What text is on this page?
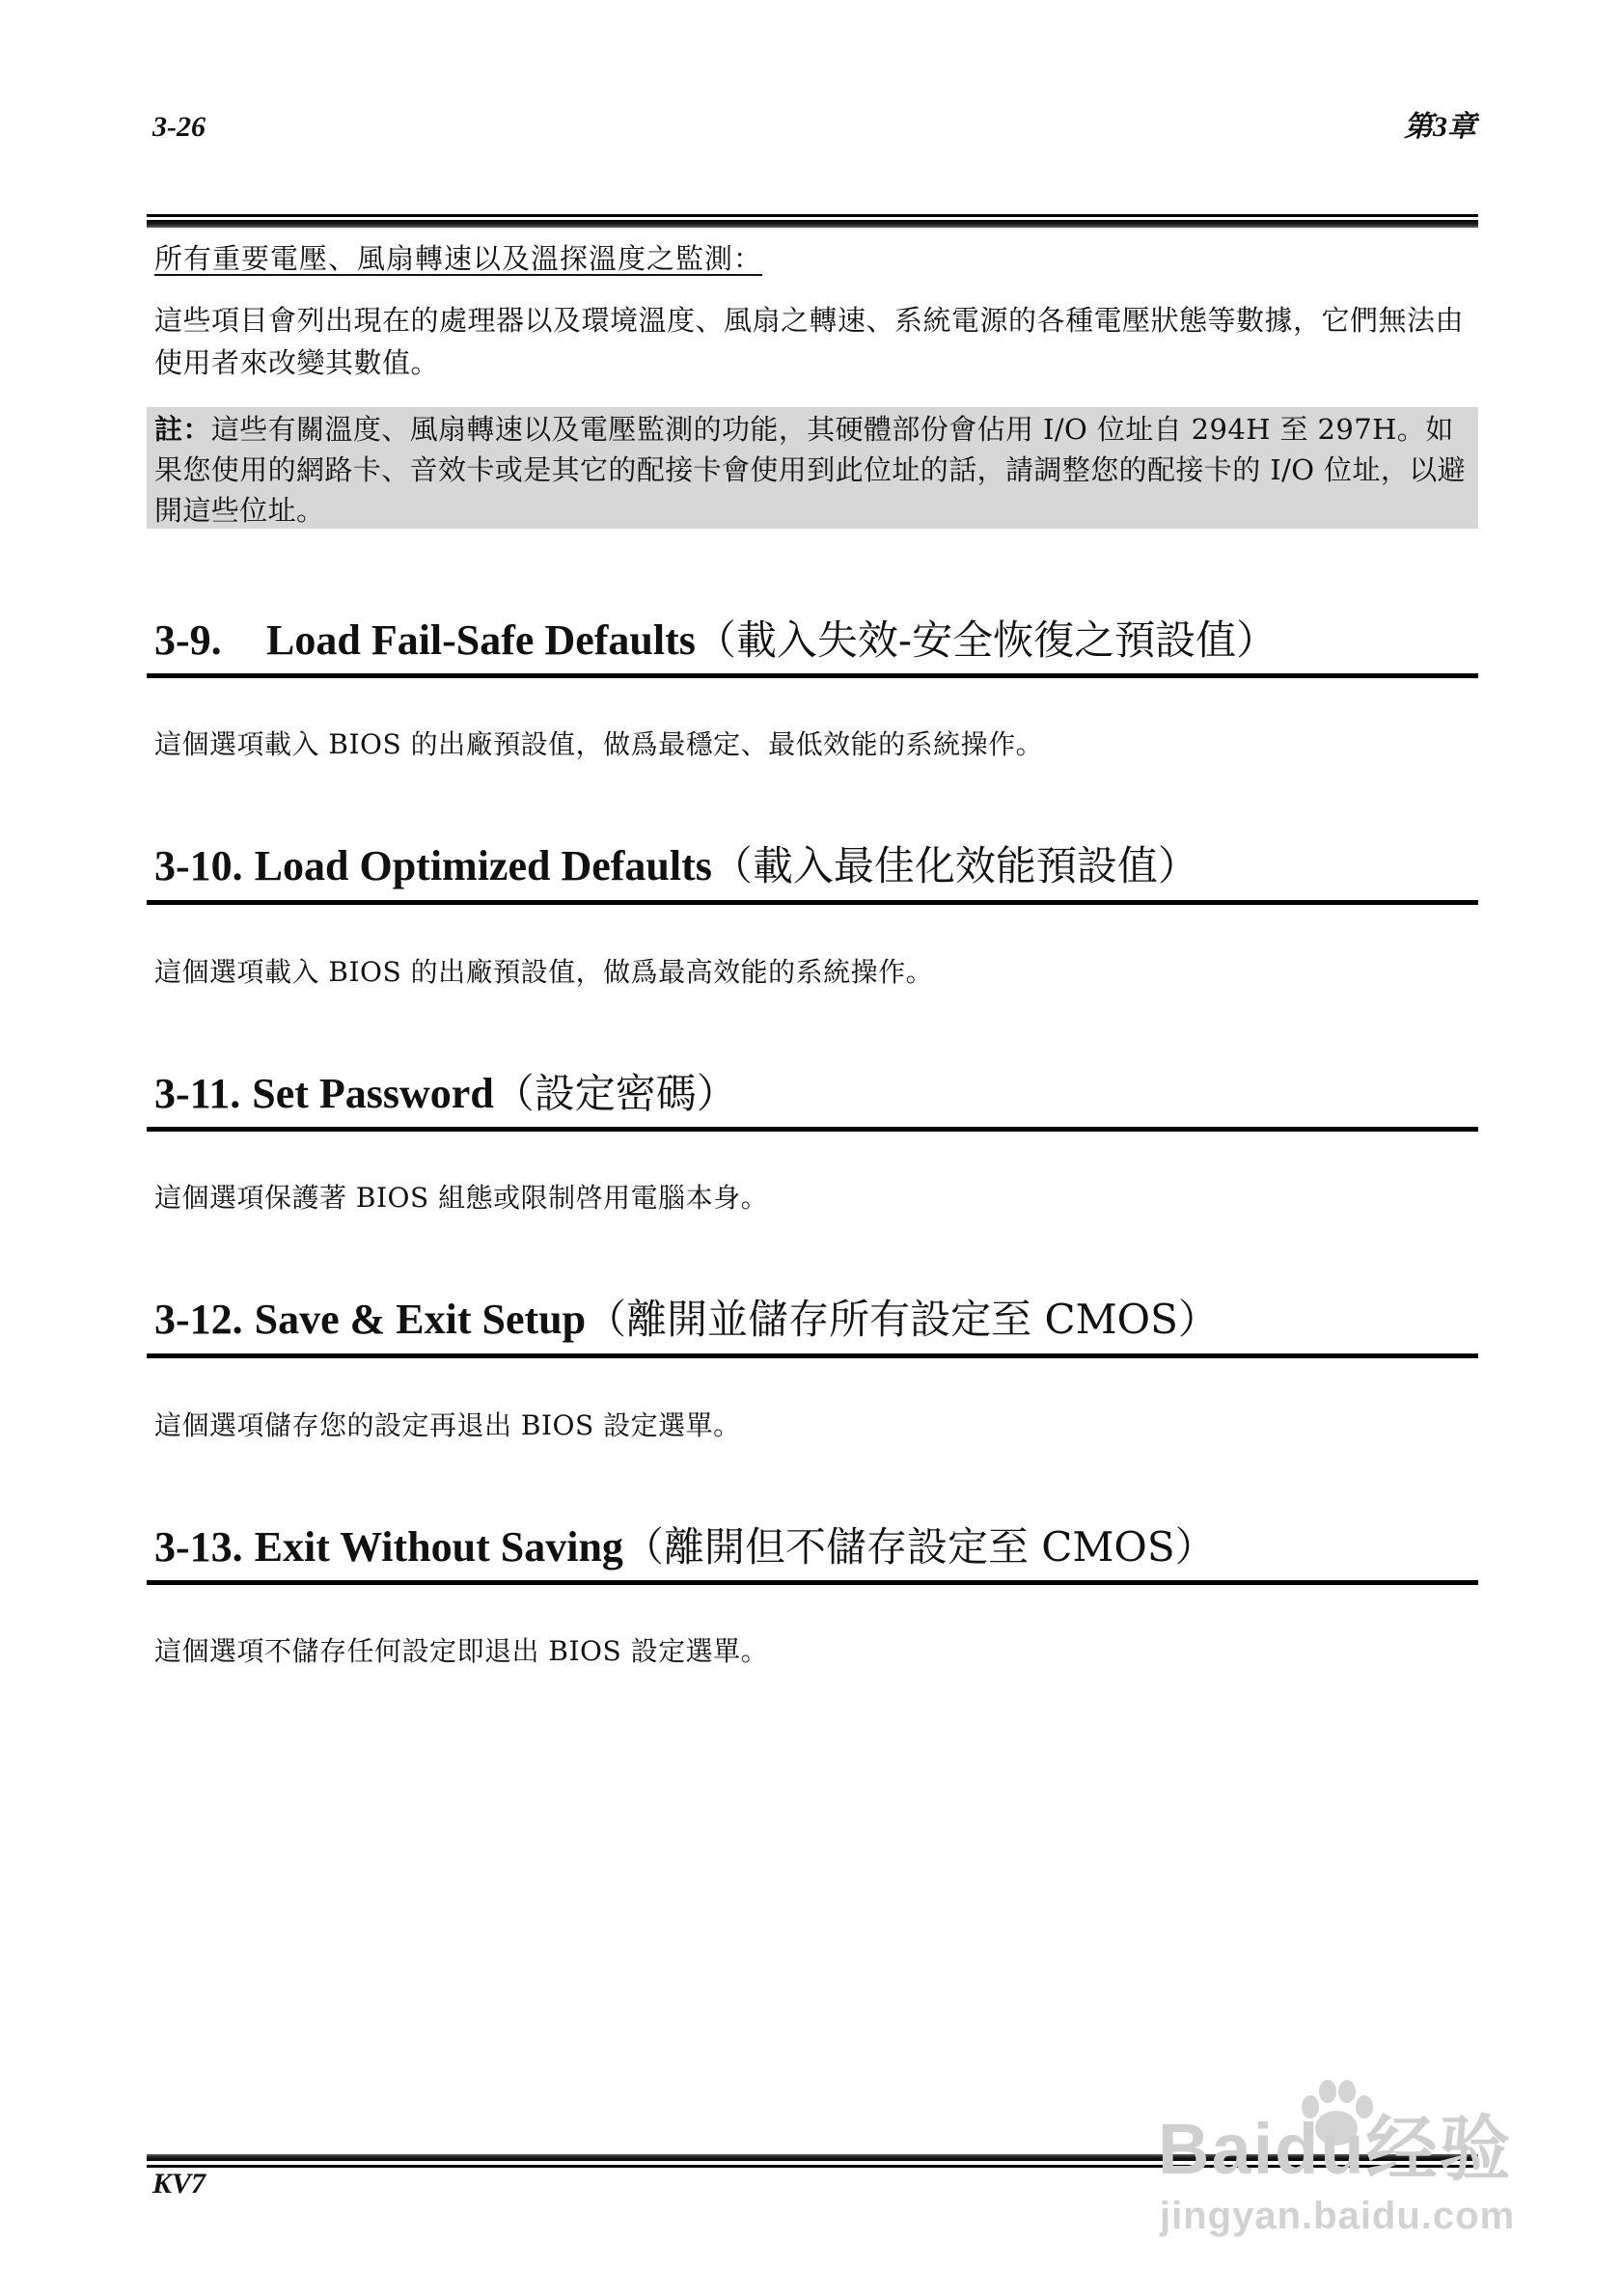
3-26	第3章
所有重要電壓、風扇轉速以及溫探溫度之監測：
這些項目會列出現在的處理器以及環境溫度、風扇之轉速、系統電源的各種電壓狀態等數據，它們無法由使用者來改變其數值。
註：這些有關溫度、風扇轉速以及電壓監測的功能，其硬體部份會佔用 I/O 位址自 294H 至 297H。如果您使用的網路卡、音效卡或是其它的配接卡會使用到此位址的話，請調整您的配接卡的 I/O 位址，以避開這些位址。
3-9. Load Fail-Safe Defaults（載入失效-安全恢復之預設值）
這個選項載入 BIOS 的出廠預設值，做爲最穩定、最低效能的系統操作。
3-10. Load Optimized Defaults（載入最佳化效能預設值）
這個選項載入 BIOS 的出廠預設值，做爲最高效能的系統操作。
3-11. Set Password（設定密碼）
這個選項保護著 BIOS 組態或限制啓用電腦本身。
3-12. Save & Exit Setup（離開並儲存所有設定至 CMOS）
這個選項儲存您的設定再退出 BIOS 設定選單。
3-13. Exit Without Saving（離開但不儲存設定至 CMOS）
這個選項不儲存任何設定即退出 BIOS 設定選單。
KV7	Baidu经验
jingyan.baidu.com
